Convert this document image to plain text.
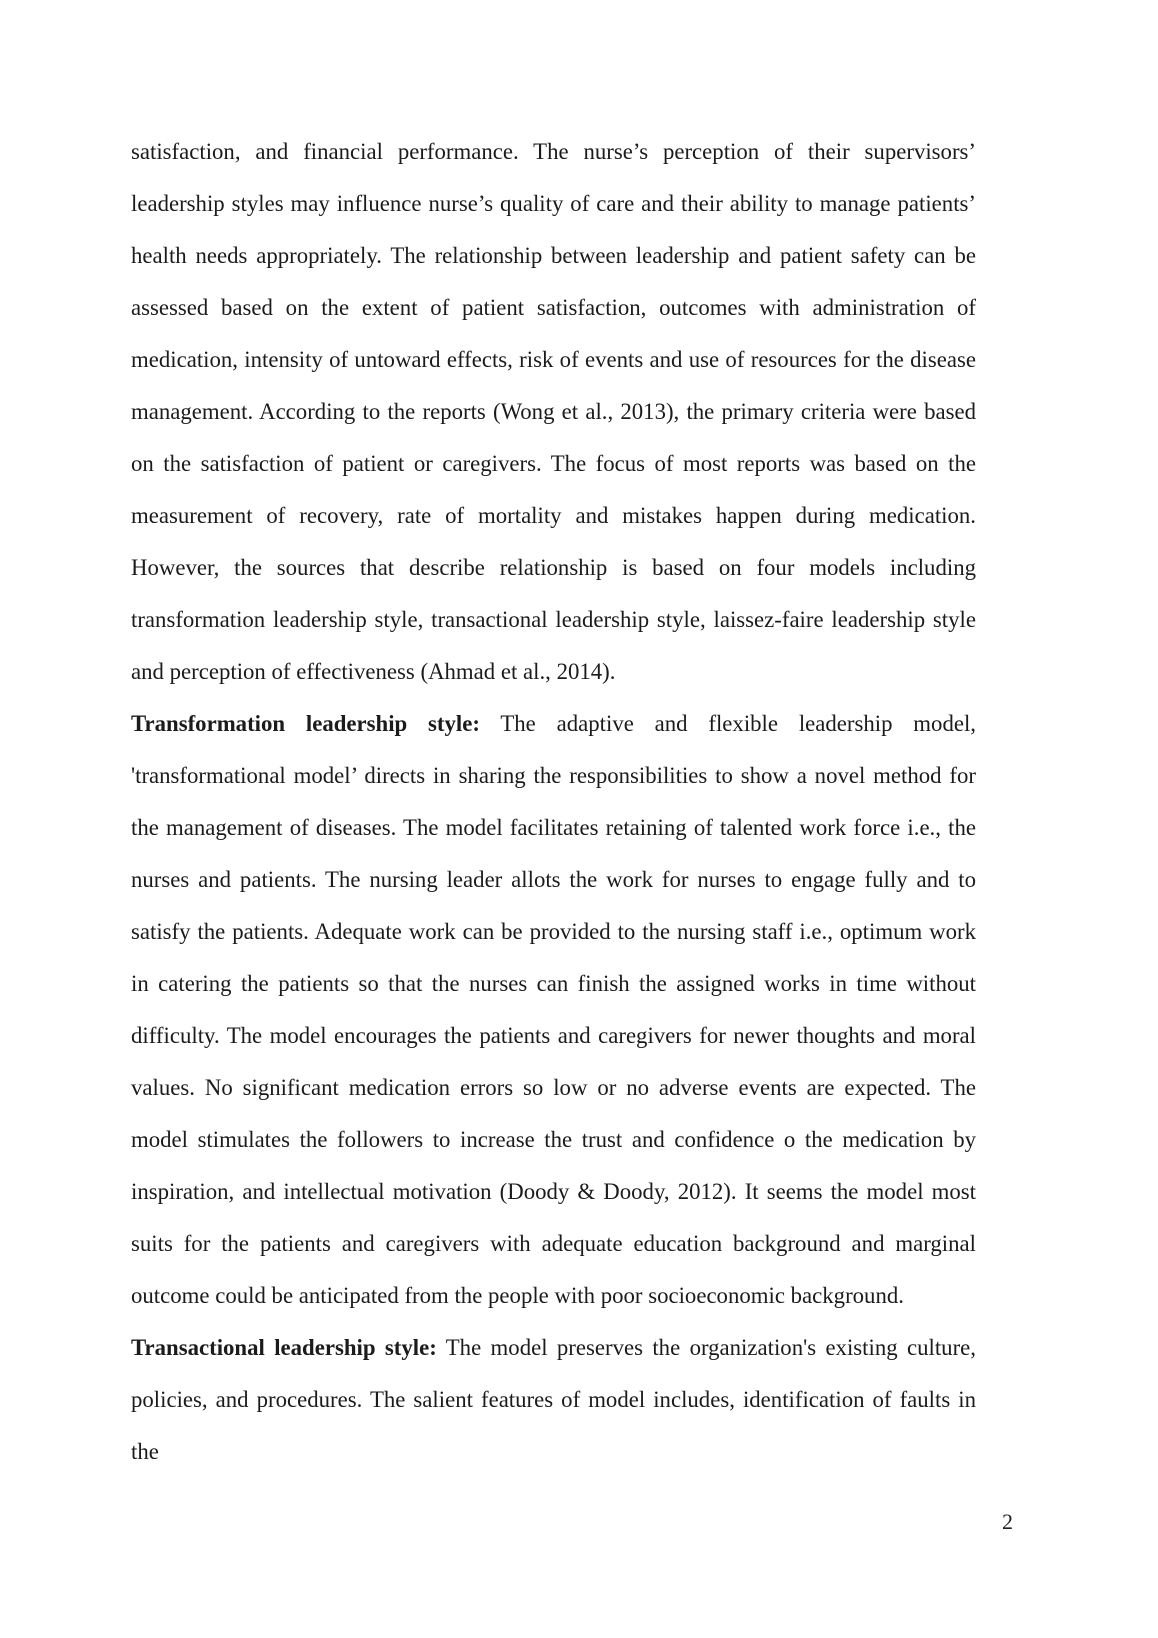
satisfaction, and financial performance. The nurse’s perception of their supervisors’ leadership styles may influence nurse’s quality of care and their ability to manage patients’ health needs appropriately. The relationship between leadership and patient safety can be assessed based on the extent of patient satisfaction, outcomes with administration of medication, intensity of untoward effects, risk of events and use of resources for the disease management. According to the reports (Wong et al., 2013), the primary criteria were based on the satisfaction of patient or caregivers. The focus of most reports was based on the measurement of recovery, rate of mortality and mistakes happen during medication. However, the sources that describe relationship is based on four models including transformation leadership style, transactional leadership style, laissez-faire leadership style and perception of effectiveness (Ahmad et al., 2014).

Transformation leadership style: The adaptive and flexible leadership model, 'transformational model’ directs in sharing the responsibilities to show a novel method for the management of diseases. The model facilitates retaining of talented work force i.e., the nurses and patients. The nursing leader allots the work for nurses to engage fully and to satisfy the patients. Adequate work can be provided to the nursing staff i.e., optimum work in catering the patients so that the nurses can finish the assigned works in time without difficulty. The model encourages the patients and caregivers for newer thoughts and moral values. No significant medication errors so low or no adverse events are expected. The model stimulates the followers to increase the trust and confidence o the medication by inspiration, and intellectual motivation (Doody & Doody, 2012). It seems the model most suits for the patients and caregivers with adequate education background and marginal outcome could be anticipated from the people with poor socioeconomic background.

Transactional leadership style: The model preserves the organization's existing culture, policies, and procedures. The salient features of model includes, identification of faults in the

2
